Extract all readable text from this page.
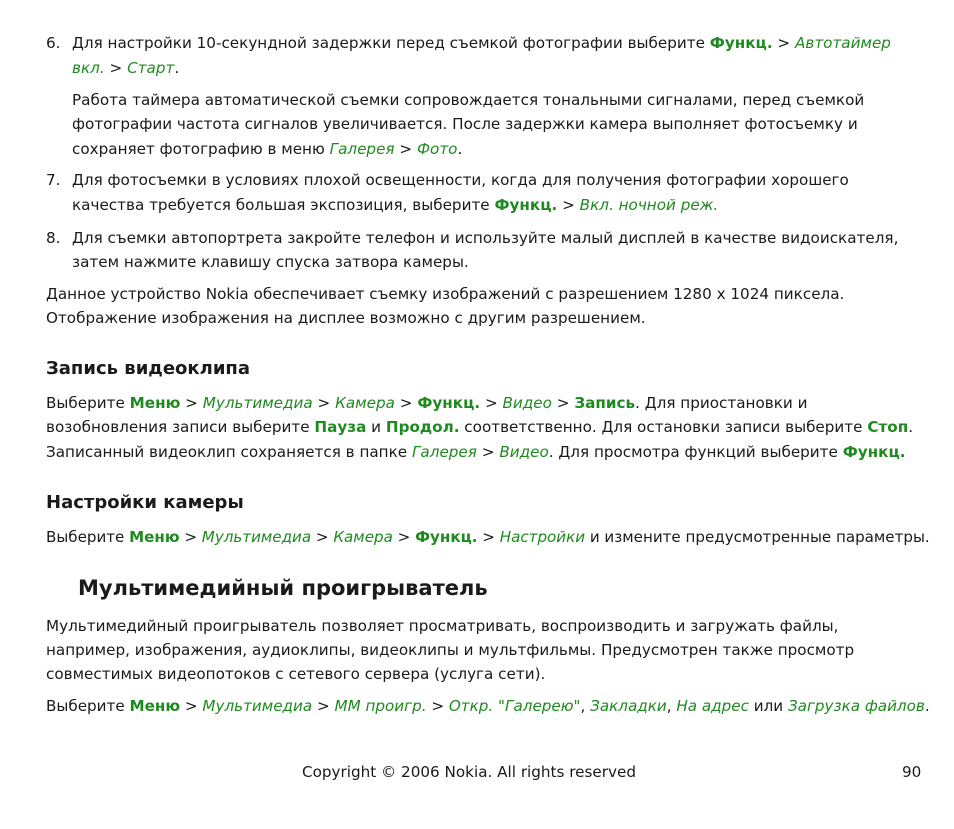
6. Для настройки 10-секундной задержки перед съемкой фотографии выберите Функц. > Автотаймер
вкл. > Старт.
Работа таймера автоматической съемки сопровождается тональными сигналами, перед съемкой
фотографии частота сигналов увеличивается. После задержки камера выполняет фотосъемку и
сохраняет фотографию в меню Галерея > Фото.
7. Для фотосъемки в условиях плохой освещенности, когда для получения фотографии хорошего
качества требуется большая экспозиция, выберите Функц. > Вкл. ночной реж.
8. Для съемки автопортрета закройте телефон и используйте малый дисплей в качестве видоискателя,
затем нажмите клавишу спуска затвора камеры.
Данное устройство Nokia обеспечивает съемку изображений с разрешением 1280 x 1024 пиксела.
Отображение изображения на дисплее возможно с другим разрешением.
Запись видеоклипа
Выберите Меню > Мультимедиа > Камера > Функц. > Видео > Запись. Для приостановки и
возобновления записи выберите Пауза и Продол. соответственно. Для остановки записи выберите Стоп.
Записанный видеоклип сохраняется в папке Галерея > Видео. Для просмотра функций выберите Функц.
Настройки камеры
Выберите Меню > Мультимедиа > Камера > Функц. > Настройки и измените предусмотренные параметры.
Мультимедийный проигрыватель
Мультимедийный проигрыватель позволяет просматривать, воспроизводить и загружать файлы,
например, изображения, аудиоклипы, видеоклипы и мультфильмы. Предусмотрен также просмотр
совместимых видеопотоков с сетевого сервера (услуга сети).
Выберите Меню > Мультимедиа > ММ проигр. > Откр. "Галерею", Закладки, На адрес или Загрузка файлов.
Copyright © 2006 Nokia. All rights reserved	90
